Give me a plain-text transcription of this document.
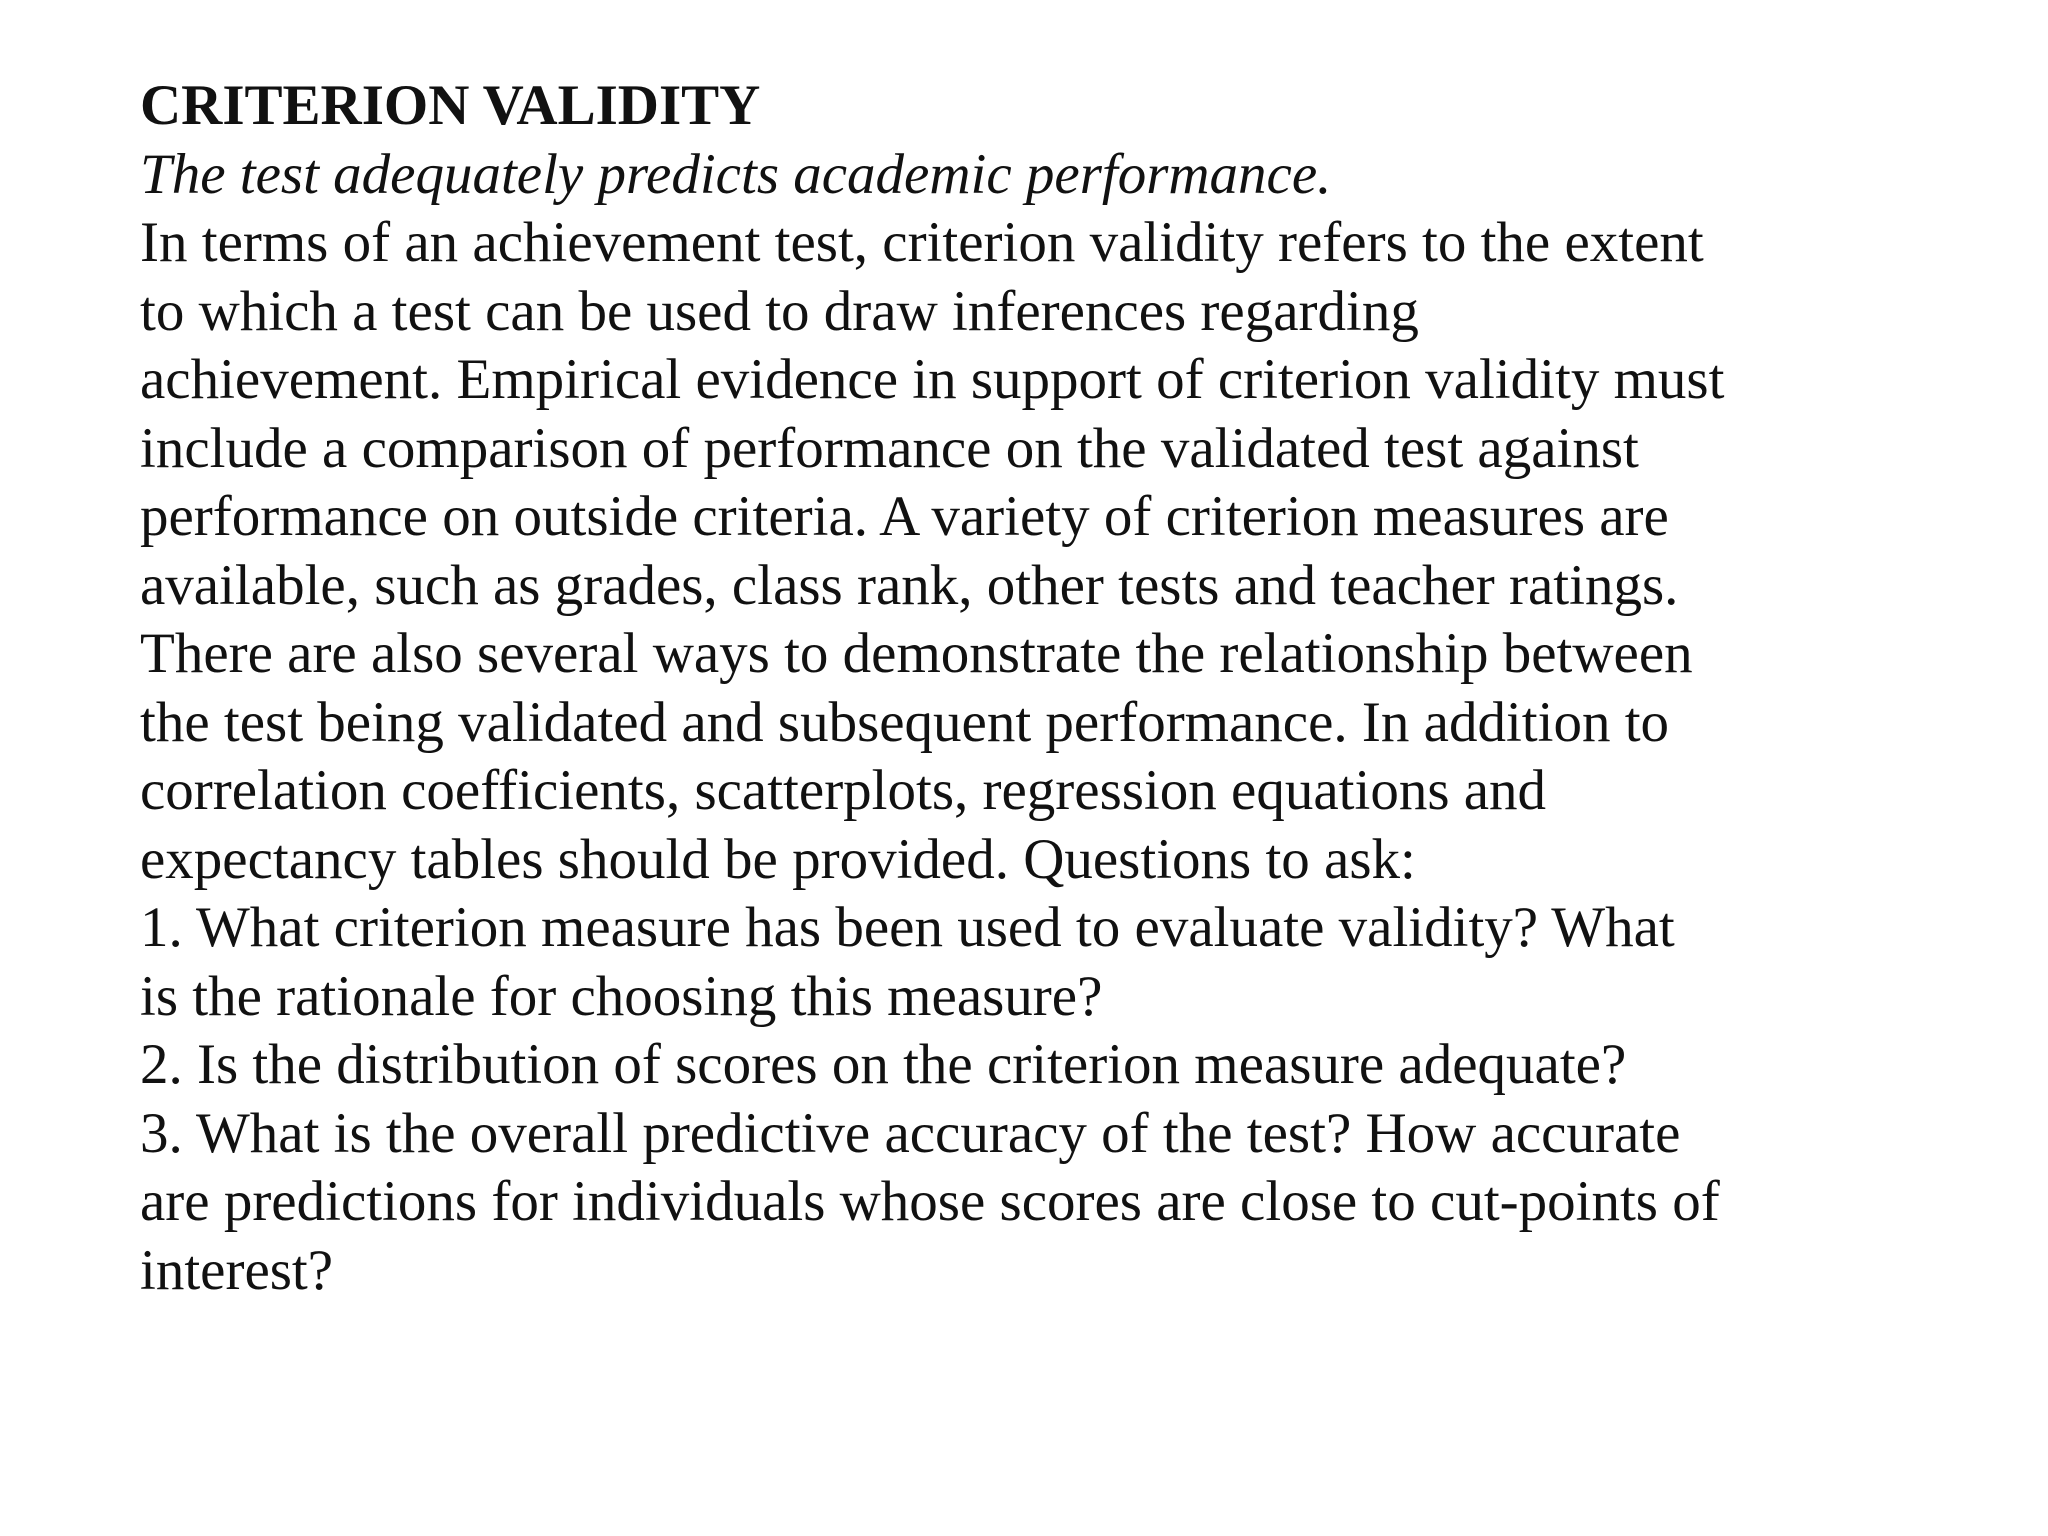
CRITERION VALIDITY

The test adequately predicts academic performance.

In terms of an achievement test, criterion validity refers to the extent
to which a test can be used to draw inferences regarding
achievement. Empirical evidence in support of criterion validity must
include a comparison of performance on the validated test against
performance on outside criteria. A variety of criterion measures are
available, such as grades, class rank, other tests and teacher ratings.
There are also several ways to demonstrate the relationship between
the test being validated and subsequent performance. In addition to
correlation coefficients, scatterplots, regression equations and
expectancy tables should be provided. Questions to ask:

1. What criterion measure has been used to evaluate validity? What
is the rationale for choosing this measure?
2. Is the distribution of scores on the criterion measure adequate?
3. What is the overall predictive accuracy of the test? How accurate
are predictions for individuals whose scores are close to cut-points of
interest?
